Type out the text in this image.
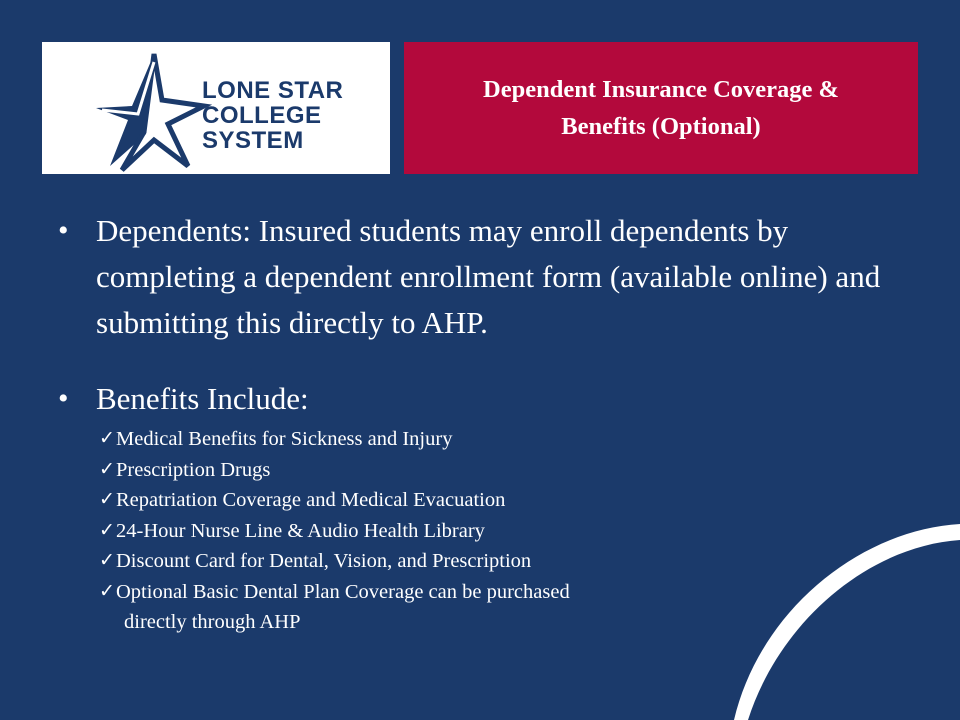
LONE STAR
COLLEGE
SYSTEM
Dependent Insurance Coverage &
Benefits (Optional)
• Dependents: Insured students may enroll dependents by completing a dependent enrollment form (available online) and submitting this directly to AHP.
• Benefits Include:
✓ Medical Benefits for Sickness and Injury
✓ Prescription Drugs
✓ Repatriation Coverage and Medical Evacuation
✓ 24-Hour Nurse Line & Audio Health Library
✓ Discount Card for Dental, Vision, and Prescription
✓ Optional Basic Dental Plan Coverage can be purchased
directly through AHP
